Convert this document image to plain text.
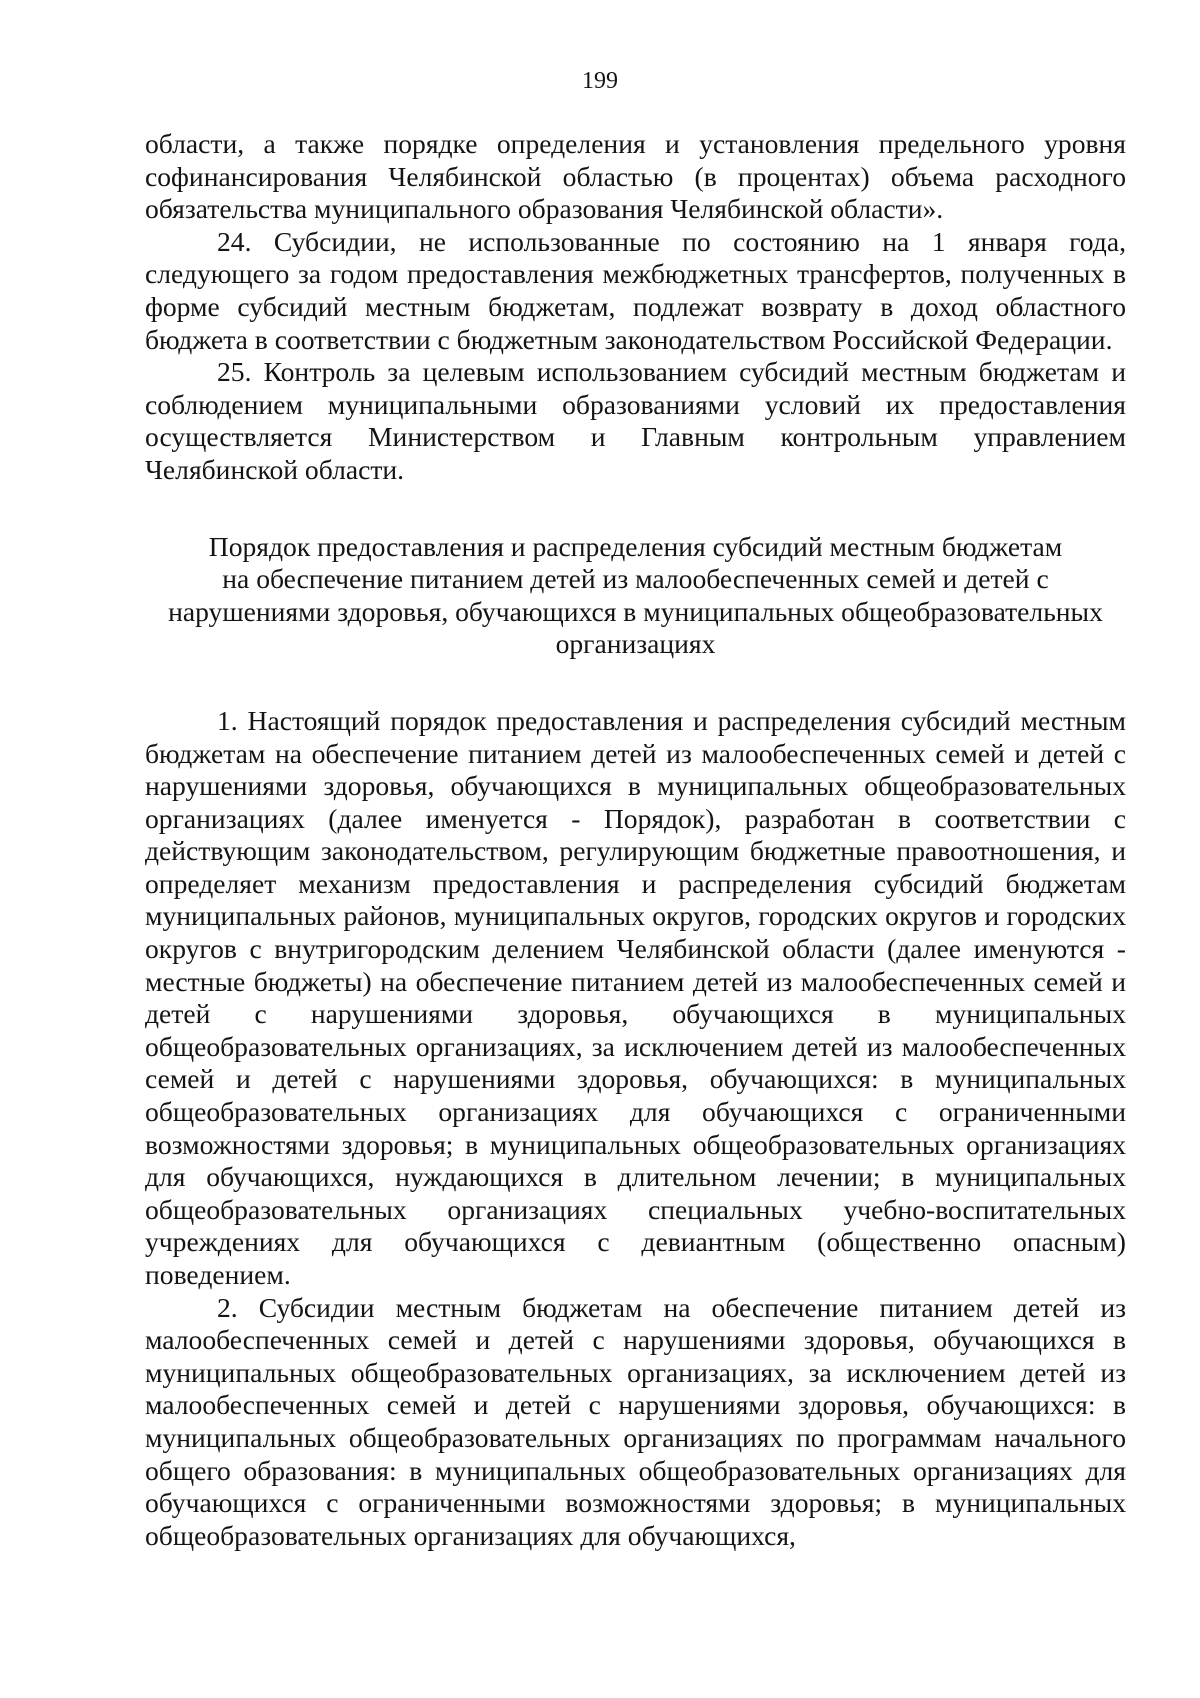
199

области, а также порядке определения и установления предельного уровня софинансирования Челябинской областью (в процентах) объема расходного обязательства муниципального образования Челябинской области».

24. Субсидии, не использованные по состоянию на 1 января года, следующего за годом предоставления межбюджетных трансфертов, полученных в форме субсидий местным бюджетам, подлежат возврату в доход областного бюджета в соответствии с бюджетным законодательством Российской Федерации.

25. Контроль за целевым использованием субсидий местным бюджетам и соблюдением муниципальными образованиями условий их предоставления осуществляется Министерством и Главным контрольным управлением Челябинской области.

Порядок предоставления и распределения субсидий местным бюджетам
на обеспечение питанием детей из малообеспеченных семей и детей с
нарушениями здоровья, обучающихся в муниципальных общеобразовательных
организациях

1. Настоящий порядок предоставления и распределения субсидий местным бюджетам на обеспечение питанием детей из малообеспеченных семей и детей с нарушениями здоровья, обучающихся в муниципальных общеобразовательных организациях (далее именуется - Порядок), разработан в соответствии с действующим законодательством, регулирующим бюджетные правоотношения, и определяет механизм предоставления и распределения субсидий бюджетам муниципальных районов, муниципальных округов, городских округов и городских округов с внутригородским делением Челябинской области (далее именуются - местные бюджеты) на обеспечение питанием детей из малообеспеченных семей и детей с нарушениями здоровья, обучающихся в муниципальных общеобразовательных организациях, за исключением детей из малообеспеченных семей и детей с нарушениями здоровья, обучающихся: в муниципальных общеобразовательных организациях для обучающихся с ограниченными возможностями здоровья; в муниципальных общеобразовательных организациях для обучающихся, нуждающихся в длительном лечении; в муниципальных общеобразовательных организациях специальных учебно-воспитательных учреждениях для обучающихся с девиантным (общественно опасным) поведением.

2. Субсидии местным бюджетам на обеспечение питанием детей из малообеспеченных семей и детей с нарушениями здоровья, обучающихся в муниципальных общеобразовательных организациях, за исключением детей из малообеспеченных семей и детей с нарушениями здоровья, обучающихся: в муниципальных общеобразовательных организациях по программам начального общего образования: в муниципальных общеобразовательных организациях для обучающихся с ограниченными возможностями здоровья; в муниципальных общеобразовательных организациях для обучающихся,
